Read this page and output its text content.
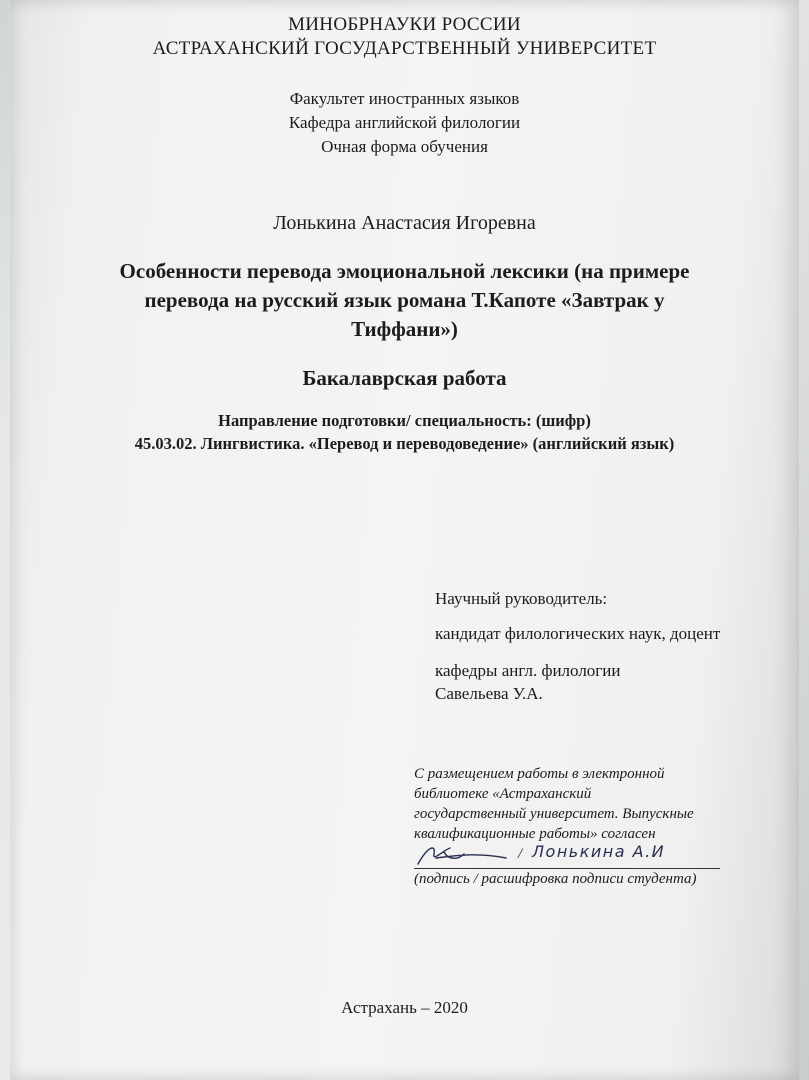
МИНОБРНАУКИ РОССИИ
АСТРАХАНСКИЙ ГОСУДАРСТВЕННЫЙ УНИВЕРСИТЕТ
Факультет иностранных языков
Кафедра английской филологии
Очная форма обучения
Лонькина Анастасия Игоревна
Особенности перевода эмоциональной лексики (на примере
перевода на русский язык романа Т.Капоте «Завтрак у
Тиффани»)
Бакалаврская работа
Направление подготовки/ специальность: (шифр)
45.03.02. Лингвистика. «Перевод и переводоведение» (английский язык)
Научный руководитель:
кандидат филологических наук, доцент
кафедры англ. филологии
Савельева У.А.
С размещением работы в электронной
библиотеке «Астраханский
государственный университет. Выпускные
квалификационные работы» согласен
/ Лонькина А.И
(подпись / расшифровка подписи студента)
Астрахань – 2020
